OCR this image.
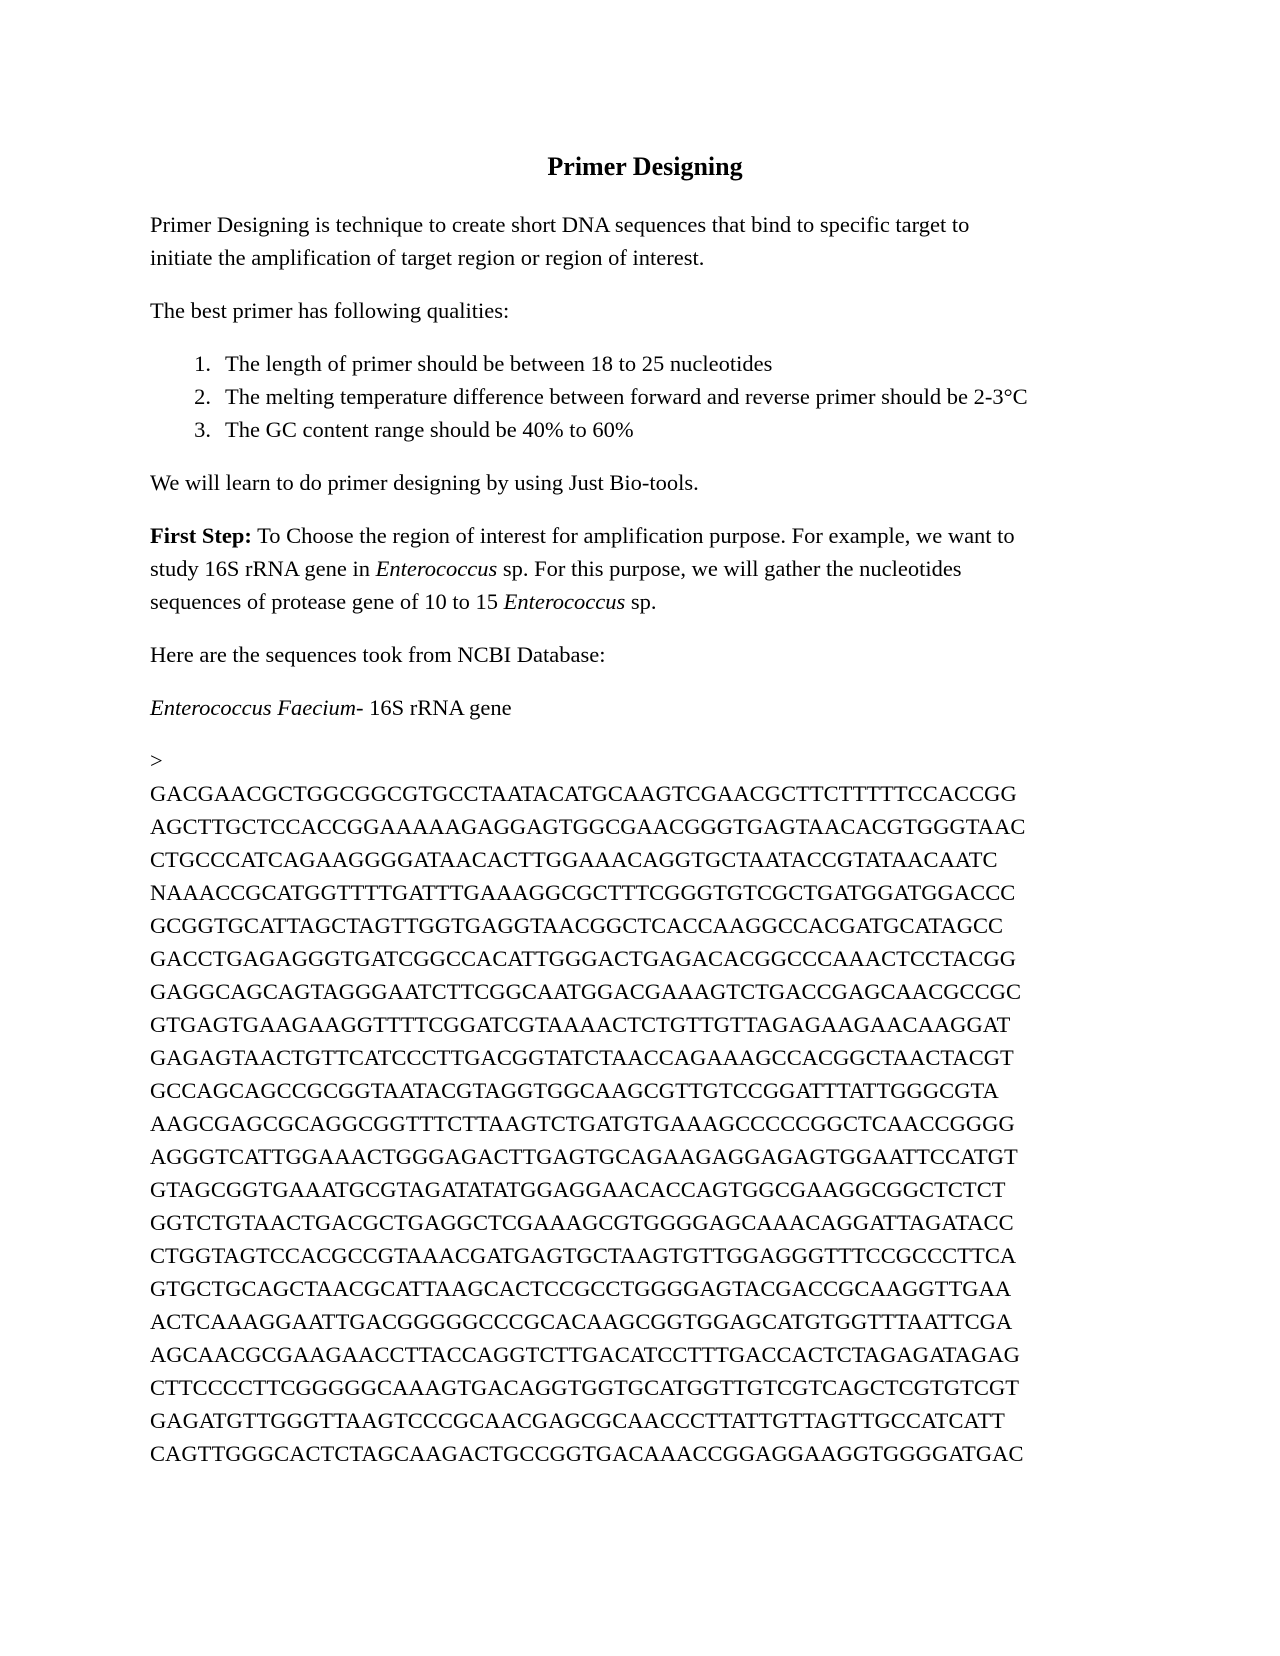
Primer Designing

Primer Designing is technique to create short DNA sequences that bind to specific target to
initiate the amplification of target region or region of interest.

The best primer has following qualities:

1. The length of primer should be between 18 to 25 nucleotides
2. The melting temperature difference between forward and reverse primer should be 2-3°C
3. The GC content range should be 40% to 60%

We will learn to do primer designing by using Just Bio-tools.

First Step: To Choose the region of interest for amplification purpose. For example, we want to
study 16S rRNA gene in Enterococcus sp. For this purpose, we will gather the nucleotides
sequences of protease gene of 10 to 15 Enterococcus sp.

Here are the sequences took from NCBI Database:

Enterococcus Faecium- 16S rRNA gene

>
GACGAACGCTGGCGGCGTGCCTAATACATGCAAGTCGAACGCTTCTTTTTCCACCGG
AGCTTGCTCCACCGGAAAAAGAGGAGTGGCGAACGGGTGAGTAACACGTGGGTAAC
CTGCCCATCAGAAGGGGATAACACTTGGAAACAGGTGCTAATACCGTATAACAATC
NAAACCGCATGGTTTTGATTTGAAAGGCGCTTTCGGGTGTCGCTGATGGATGGACCC
GCGGTGCATTAGCTAGTTGGTGAGGTAACGGCTCACCAAGGCCACGATGCATAGCC
GACCTGAGAGGGTGATCGGCCACATTGGGACTGAGACACGGCCCAAACTCCTACGG
GAGGCAGCAGTAGGGAATCTTCGGCAATGGACGAAAGTCTGACCGAGCAACGCCGC
GTGAGTGAAGAAGGTTTTCGGATCGTAAAACTCTGTTGTTAGAGAAGAACAAGGAT
GAGAGTAACTGTTCATCCCTTGACGGTATCTAACCAGAAAGCCACGGCTAACTACGT
GCCAGCAGCCGCGGTAATACGTAGGTGGCAAGCGTTGTCCGGATTTATTGGGCGTA
AAGCGAGCGCAGGCGGTTTCTTAAGTCTGATGTGAAAGCCCCCGGCTCAACCGGGG
AGGGTCATTGGAAACTGGGAGACTTGAGTGCAGAAGAGGAGAGTGGAATTCCATGT
GTAGCGGTGAAATGCGTAGATATATGGAGGAACACCAGTGGCGAAGGCGGCTCTCT
GGTCTGTAACTGACGCTGAGGCTCGAAAGCGTGGGGAGCAAACAGGATTAGATACC
CTGGTAGTCCACGCCGTAAACGATGAGTGCTAAGTGTTGGAGGGTTTCCGCCCTTCA
GTGCTGCAGCTAACGCATTAAGCACTCCGCCTGGGGAGTACGACCGCAAGGTTGAA
ACTCAAAGGAATTGACGGGGGCCCGCACAAGCGGTGGAGCATGTGGTTTAATTCGA
AGCAACGCGAAGAACCTTACCAGGTCTTGACATCCTTTGACCACTCTAGAGATAGAG
CTTCCCCTTCGGGGGCAAAGTGACAGGTGGTGCATGGTTGTCGTCAGCTCGTGTCGT
GAGATGTTGGGTTAAGTCCCGCAACGAGCGCAACCCTTATTGTTAGTTGCCATCATT
CAGTTGGGCACTCTAGCAAGACTGCCGGTGACAAACCGGAGGAAGGTGGGGATGAC
